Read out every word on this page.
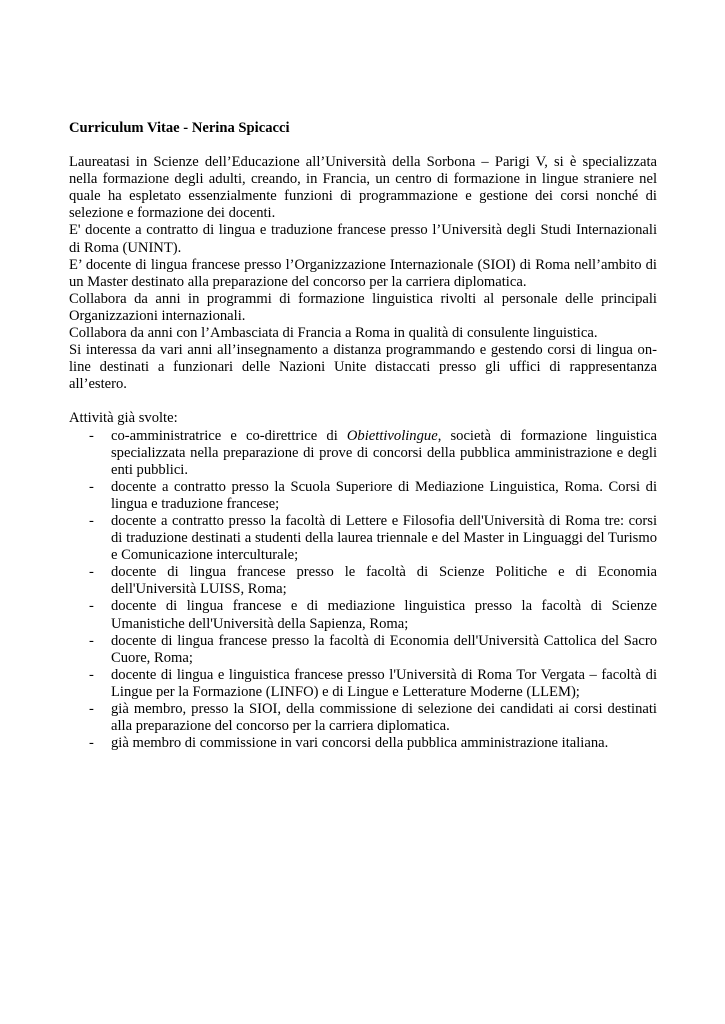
Curriculum Vitae - Nerina Spicacci

Laureatasi in Scienze dell’Educazione all’Università della Sorbona – Parigi V, si è specializzata nella formazione degli adulti, creando, in Francia, un centro di formazione in lingue straniere nel quale ha espletato essenzialmente funzioni di programmazione e gestione dei corsi nonché di selezione e formazione dei docenti.

E' docente a contratto di lingua e traduzione francese presso l’Università degli Studi Internazionali di Roma (UNINT).

E’ docente di lingua francese presso l’Organizzazione Internazionale (SIOI) di Roma nell’ambito di un Master destinato alla preparazione del concorso per la carriera diplomatica.

Collabora da anni in programmi di formazione linguistica rivolti al personale delle principali Organizzazioni internazionali.

Collabora da anni con l’Ambasciata di Francia a Roma in qualità di consulente linguistica.

Si interessa da vari anni all’insegnamento a distanza programmando e gestendo corsi di lingua on-line destinati a funzionari delle Nazioni Unite distaccati presso gli uffici di rappresentanza all’estero.

Attività già svolte:

- co-amministratrice e co-direttrice di Obiettivolingue, società di formazione linguistica specializzata nella preparazione di prove di concorsi della pubblica amministrazione e degli enti pubblici.
- docente a contratto presso la Scuola Superiore di Mediazione Linguistica, Roma. Corsi di lingua e traduzione francese;
- docente a contratto presso la facoltà di Lettere e Filosofia dell'Università di Roma tre: corsi di traduzione destinati a studenti della laurea triennale e del Master in Linguaggi del Turismo e Comunicazione interculturale;
- docente di lingua francese presso le facoltà di Scienze Politiche e di Economia dell'Università LUISS, Roma;
- docente di lingua francese e di mediazione linguistica presso la facoltà di Scienze Umanistiche dell'Università della Sapienza, Roma;
- docente di lingua francese presso la facoltà di Economia dell'Università Cattolica del Sacro Cuore, Roma;
- docente di lingua e linguistica francese presso l'Università di Roma Tor Vergata – facoltà di Lingue per la Formazione (LINFO) e di Lingue e Letterature Moderne (LLEM);
- già membro, presso la SIOI, della commissione di selezione dei candidati ai corsi destinati alla preparazione del concorso per la carriera diplomatica.
- già membro di commissione in vari concorsi della pubblica amministrazione italiana.
